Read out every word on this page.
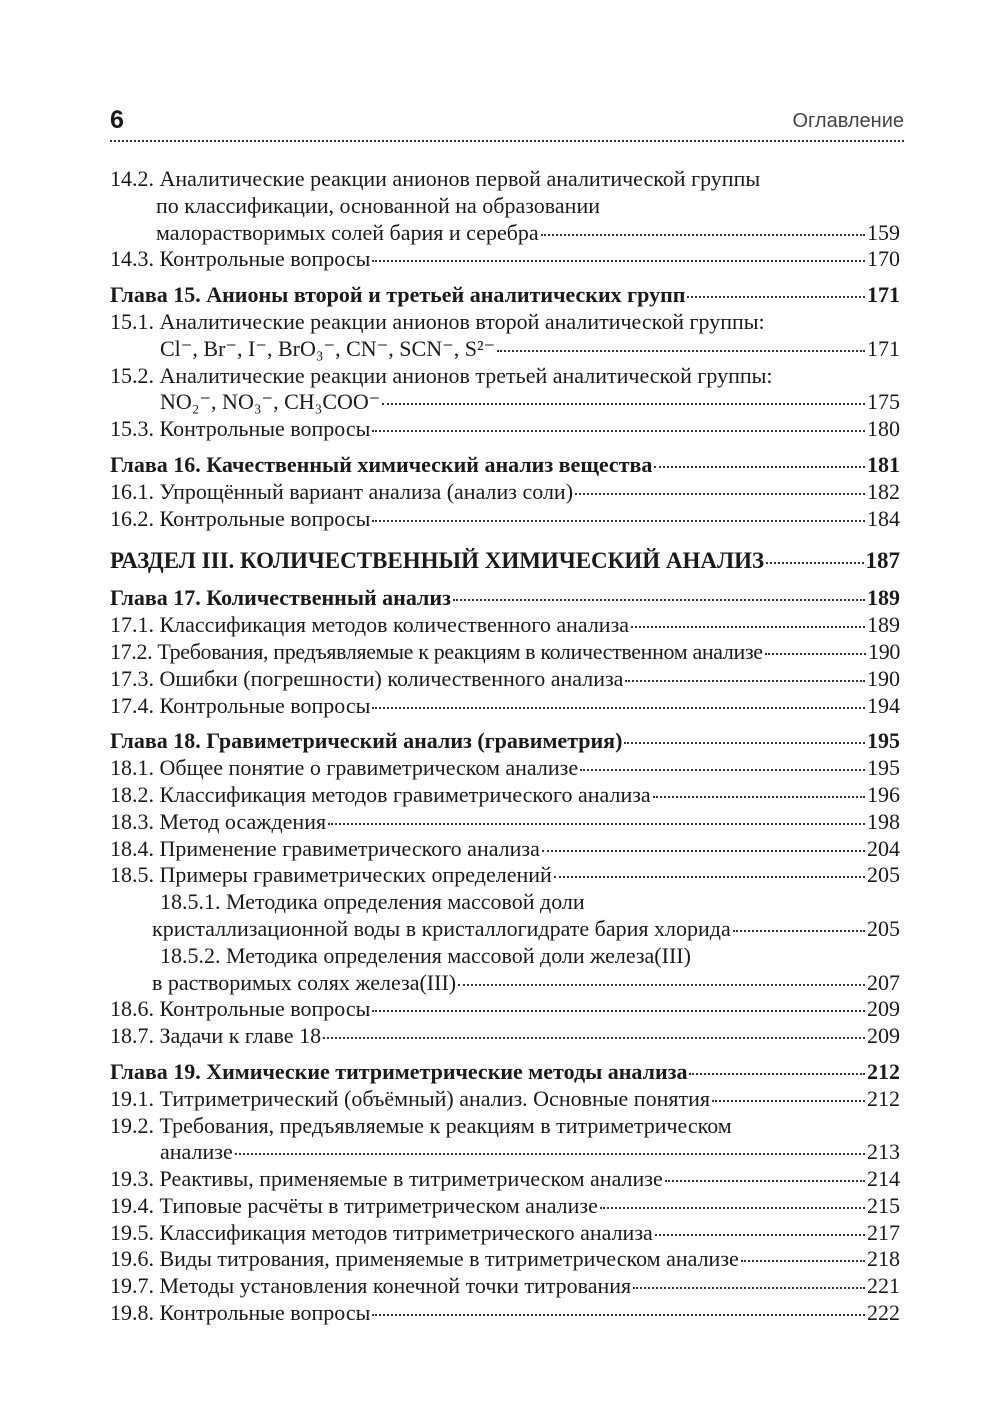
6	Оглавление
14.2. Аналитические реакции анионов первой аналитической группы
по классификации, основанной на образовании
малорастворимых солей бария и серебра	159
14.3. Контрольные вопросы	170
Глава 15. Анионы второй и третьей аналитических групп	171
15.1. Аналитические реакции анионов второй аналитической группы:
Cl⁻, Br⁻, I⁻, BrO₃⁻, CN⁻, SCN⁻, S²⁻	171
15.2. Аналитические реакции анионов третьей аналитической группы:
NO₂⁻, NO₃⁻, CH₃COO⁻	175
15.3. Контрольные вопросы	180
Глава 16. Качественный химический анализ вещества	181
16.1. Упрощённый вариант анализа (анализ соли)	182
16.2. Контрольные вопросы	184
РАЗДЕЛ III. КОЛИЧЕСТВЕННЫЙ ХИМИЧЕСКИЙ АНАЛИЗ	187
Глава 17. Количественный анализ	189
17.1. Классификация методов количественного анализа	189
17.2. Требования, предъявляемые к реакциям в количественном анализе	190
17.3. Ошибки (погрешности) количественного анализа	190
17.4. Контрольные вопросы	194
Глава 18. Гравиметрический анализ (гравиметрия)	195
18.1. Общее понятие о гравиметрическом анализе	195
18.2. Классификация методов гравиметрического анализа	196
18.3. Метод осаждения	198
18.4. Применение гравиметрического анализа	204
18.5. Примеры гравиметрических определений	205
18.5.1. Методика определения массовой доли
кристаллизационной воды в кристаллогидрате бария хлорида	205
18.5.2. Методика определения массовой доли железа(III)
в растворимых солях железа(III)	207
18.6. Контрольные вопросы	209
18.7. Задачи к главе 18	209
Глава 19. Химические титриметрические методы анализа	212
19.1. Титриметрический (объёмный) анализ. Основные понятия	212
19.2. Требования, предъявляемые к реакциям в титриметрическом
анализе	213
19.3. Реактивы, применяемые в титриметрическом анализе	214
19.4. Типовые расчёты в титриметрическом анализе	215
19.5. Классификация методов титриметрического анализа	217
19.6. Виды титрования, применяемые в титриметрическом анализе	218
19.7. Методы установления конечной точки титрования	221
19.8. Контрольные вопросы	222
